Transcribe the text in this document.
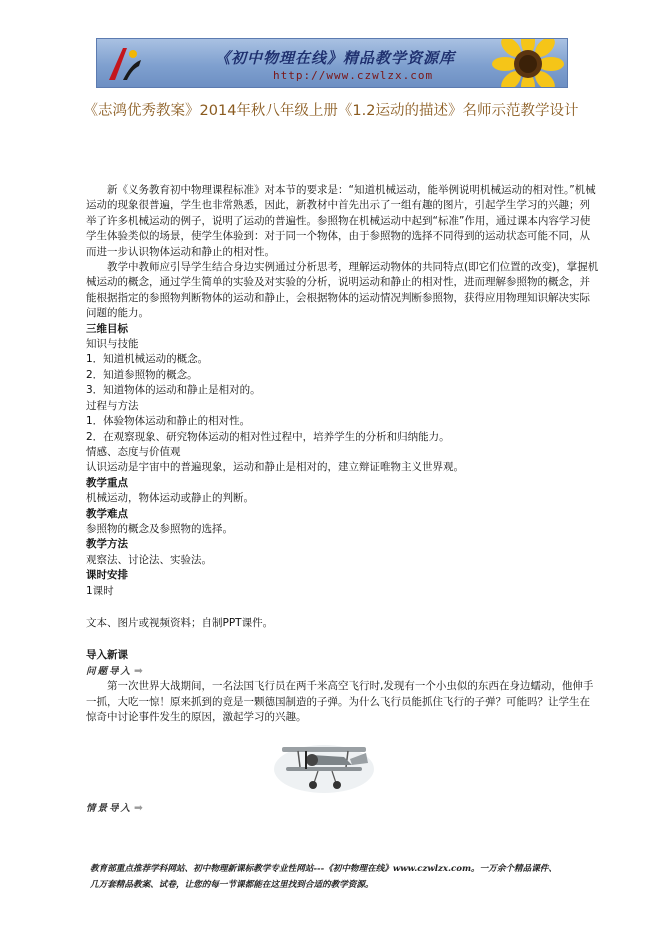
《初中物理在线》精品教学资源库
http://www.czwlzx.com
《志鸿优秀教案》2014年秋八年级上册《1.2运动的描述》名师示范教学设计

新《义务教育初中物理课程标准》对本节的要求是：“知道机械运动，能举例说明机械运动的相对性。”机械运动的现象很普遍，学生也非常熟悉，因此，新教材中首先出示了一组有趣的图片，引起学生学习的兴趣；列举了许多机械运动的例子，说明了运动的普遍性。参照物在机械运动中起到“标准”作用，通过课本内容学习使学生体验类似的场景，使学生体验到：对于同一个物体，由于参照物的选择不同得到的运动状态可能不同，从而进一步认识物体运动和静止的相对性。

教学中教师应引导学生结合身边实例通过分析思考，理解运动物体的共同特点(即它们位置的改变)，掌握机械运动的概念，通过学生简单的实验及对实验的分析，说明运动和静止的相对性，进而理解参照物的概念，并能根据指定的参照物判断物体的运动和静止，会根据物体的运动情况判断参照物，获得应用物理知识解决实际问题的能力。

三维目标

知识与技能

1．知道机械运动的概念。

2．知道参照物的概念。

3．知道物体的运动和静止是相对的。

过程与方法

1．体验物体运动和静止的相对性。

2．在观察现象、研究物体运动的相对性过程中，培养学生的分析和归纳能力。

情感、态度与价值观

认识运动是宇宙中的普遍现象，运动和静止是相对的，建立辩证唯物主义世界观。

教学重点

机械运动，物体运动或静止的判断。

教学难点

参照物的概念及参照物的选择。

教学方法

观察法、讨论法、实验法。

课时安排

1课时

文本、图片或视频资料；自制PPT课件。

导入新课

问题导入 ➡

第一次世界大战期间，一名法国飞行员在两千米高空飞行时,发现有一个小虫似的东西在身边蠕动，他伸手一抓，大吃一惊！原来抓到的竟是一颗德国制造的子弹。为什么飞行员能抓住飞行的子弹？可能吗？让学生在惊奇中讨论事件发生的原因，激起学习的兴趣。

情景导入 ➡

教育部重点推荐学科网站、初中物理新课标教学专业性网站---《初中物理在线》www.czwlzx.com。一万余个精品课件、
几万套精品教案、试卷，让您的每一节课都能在这里找到合适的教学资源。
